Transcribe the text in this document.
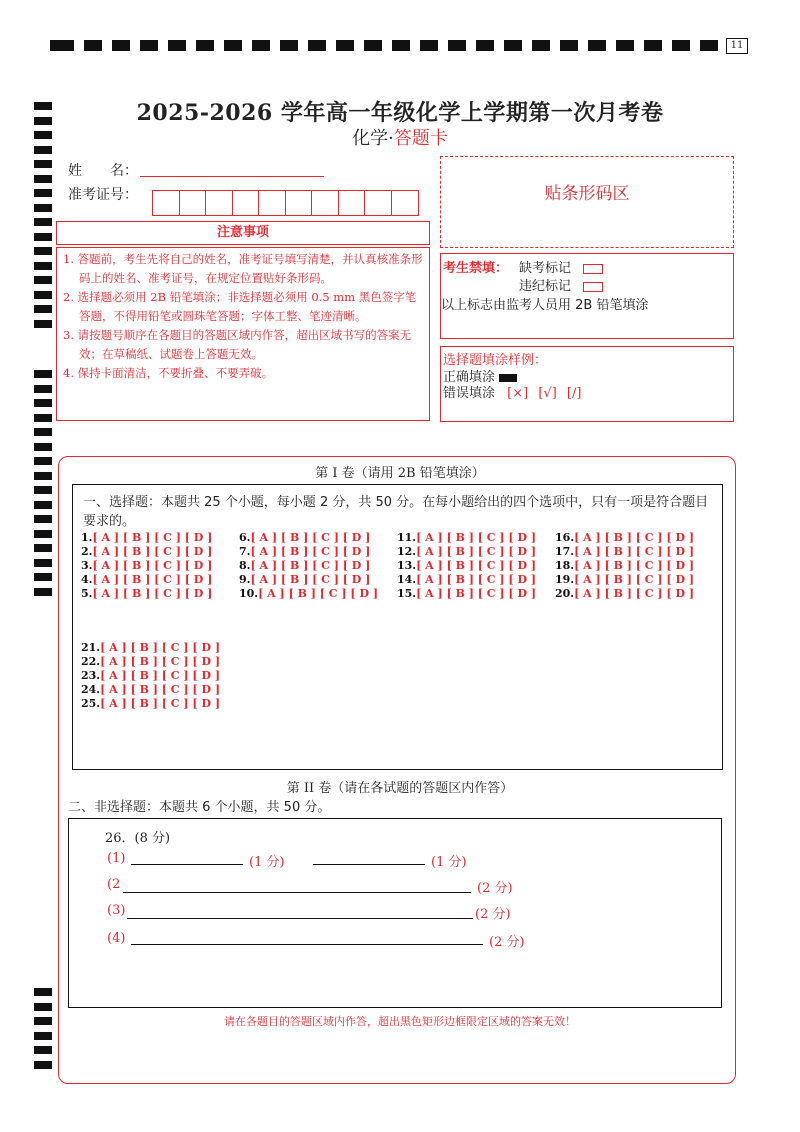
11
2025-2026 学年高一年级化学上学期第一次月考卷
化学·答题卡
姓　　名：
准考证号：	贴条形码区
注意事项

1. 答题前，考生先将自己的姓名，准考证号填写清楚，并认真核准条形码上的姓名、准考证号，在规定位置贴好条形码。

2. 选择题必须用 2B 铅笔填涂；非选择题必须用 0.5 mm 黑色签字笔答题，不得用铅笔或圆珠笔答题；字体工整、笔迹清晰。

3. 请按题号顺序在各题目的答题区域内作答，超出区域书写的答案无效；在草稿纸、试题卷上答题无效。

4. 保持卡面清洁，不要折叠、不要弄破。

考生禁填： 缺考标记
违纪标记
以上标志由监考人员用 2B 铅笔填涂
选择题填涂样例：
正确填涂
错误填涂 [×] [√] [/]
第 I 卷（请用 2B 铅笔填涂）
一、选择题：本题共 25 个小题，每小题 2 分，共 50 分。在每小题给出的四个选项中，只有一项是符合题目要求的。
1.[ A ] [ B ] [ C ] [ D ]
2.[ A ] [ B ] [ C ] [ D ]
3.[ A ] [ B ] [ C ] [ D ]
4.[ A ] [ B ] [ C ] [ D ]
5.[ A ] [ B ] [ C ] [ D ]
6.[ A ] [ B ] [ C ] [ D ]
7.[ A ] [ B ] [ C ] [ D ]
8.[ A ] [ B ] [ C ] [ D ]
9.[ A ] [ B ] [ C ] [ D ]
10.[ A ] [ B ] [ C ] [ D ]
11.[ A ] [ B ] [ C ] [ D ]
12.[ A ] [ B ] [ C ] [ D ]
13.[ A ] [ B ] [ C ] [ D ]
14.[ A ] [ B ] [ C ] [ D ]
15.[ A ] [ B ] [ C ] [ D ]
16.[ A ] [ B ] [ C ] [ D ]
17.[ A ] [ B ] [ C ] [ D ]
18.[ A ] [ B ] [ C ] [ D ]
19.[ A ] [ B ] [ C ] [ D ]
20.[ A ] [ B ] [ C ] [ D ]
21.[ A ] [ B ] [ C ] [ D ]
22.[ A ] [ B ] [ C ] [ D ]
23.[ A ] [ B ] [ C ] [ D ]
24.[ A ] [ B ] [ C ] [ D ]
25.[ A ] [ B ] [ C ] [ D ]
第 II 卷（请在各试题的答题区内作答）
二、非选择题：本题共 6 个小题，共 50 分。
26．(8 分)
(1)	(1 分)	(1 分)
(2	(2 分)
(3)	(2 分)
(4)	(2 分)
请在各题目的答题区域内作答，超出黑色矩形边框限定区域的答案无效！
